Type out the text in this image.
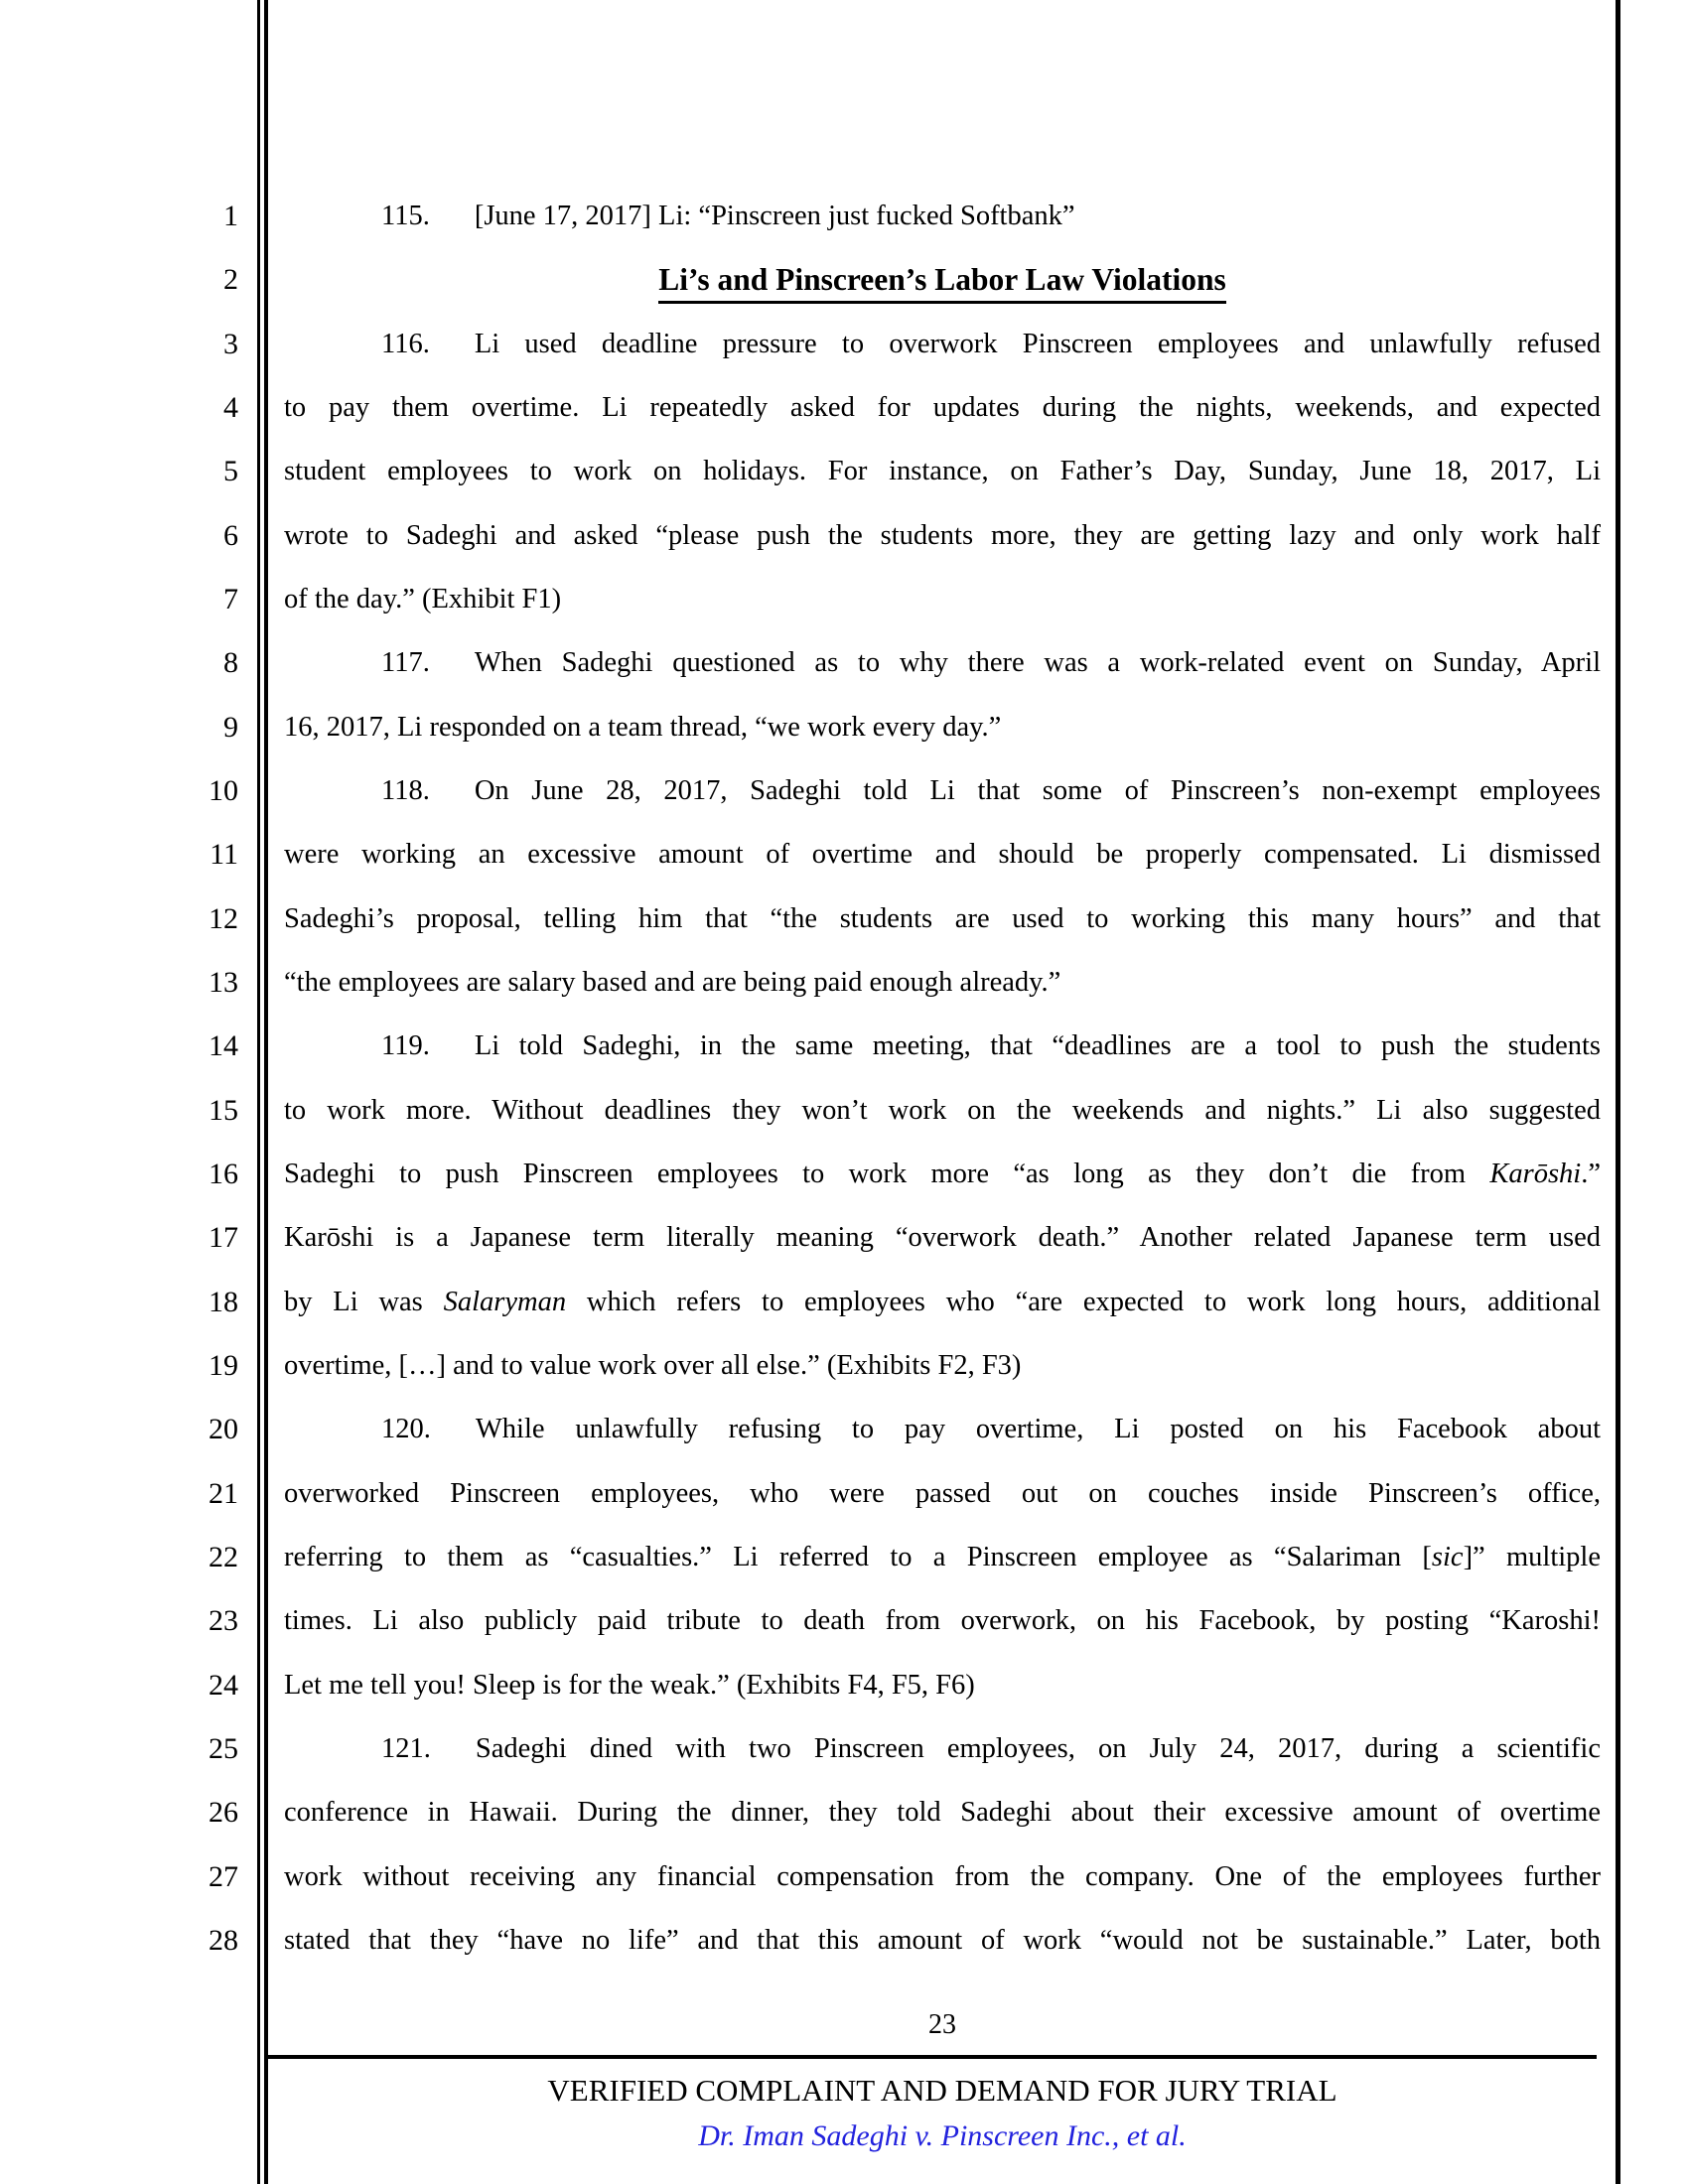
1
2
3
4
5
6
7
8
9
10
11
12
13
14
15
16
17
18
19
20
21
22
23
24
25
26
27
28
115. [June 17, 2017] Li: “Pinscreen just fucked Softbank”
Li’s and Pinscreen’s Labor Law Violations
116. Li used deadline pressure to overwork Pinscreen employees and unlawfully refused
to pay them overtime. Li repeatedly asked for updates during the nights, weekends, and expected
student employees to work on holidays. For instance, on Father’s Day, Sunday, June 18, 2017, Li
wrote to Sadeghi and asked “please push the students more, they are getting lazy and only work half
of the day.” (Exhibit F1)
117. When Sadeghi questioned as to why there was a work-related event on Sunday, April
16, 2017, Li responded on a team thread, “we work every day.”
118. On June 28, 2017, Sadeghi told Li that some of Pinscreen’s non-exempt employees
were working an excessive amount of overtime and should be properly compensated. Li dismissed
Sadeghi’s proposal, telling him that “the students are used to working this many hours” and that
“the employees are salary based and are being paid enough already.”
119. Li told Sadeghi, in the same meeting, that “deadlines are a tool to push the students
to work more. Without deadlines they won’t work on the weekends and nights.” Li also suggested
Sadeghi to push Pinscreen employees to work more “as long as they don’t die from Karōshi.”
Karōshi is a Japanese term literally meaning “overwork death.” Another related Japanese term used
by Li was Salaryman which refers to employees who “are expected to work long hours, additional
overtime, […] and to value work over all else.” (Exhibits F2, F3)
120. While unlawfully refusing to pay overtime, Li posted on his Facebook about
overworked Pinscreen employees, who were passed out on couches inside Pinscreen’s office,
referring to them as “casualties.” Li referred to a Pinscreen employee as “Salariman [sic]” multiple
times. Li also publicly paid tribute to death from overwork, on his Facebook, by posting “Karoshi!
Let me tell you! Sleep is for the weak.” (Exhibits F4, F5, F6)
121. Sadeghi dined with two Pinscreen employees, on July 24, 2017, during a scientific
conference in Hawaii. During the dinner, they told Sadeghi about their excessive amount of overtime
work without receiving any financial compensation from the company. One of the employees further
stated that they “have no life” and that this amount of work “would not be sustainable.” Later, both
23
VERIFIED COMPLAINT AND DEMAND FOR JURY TRIAL
Dr. Iman Sadeghi v. Pinscreen Inc., et al.
